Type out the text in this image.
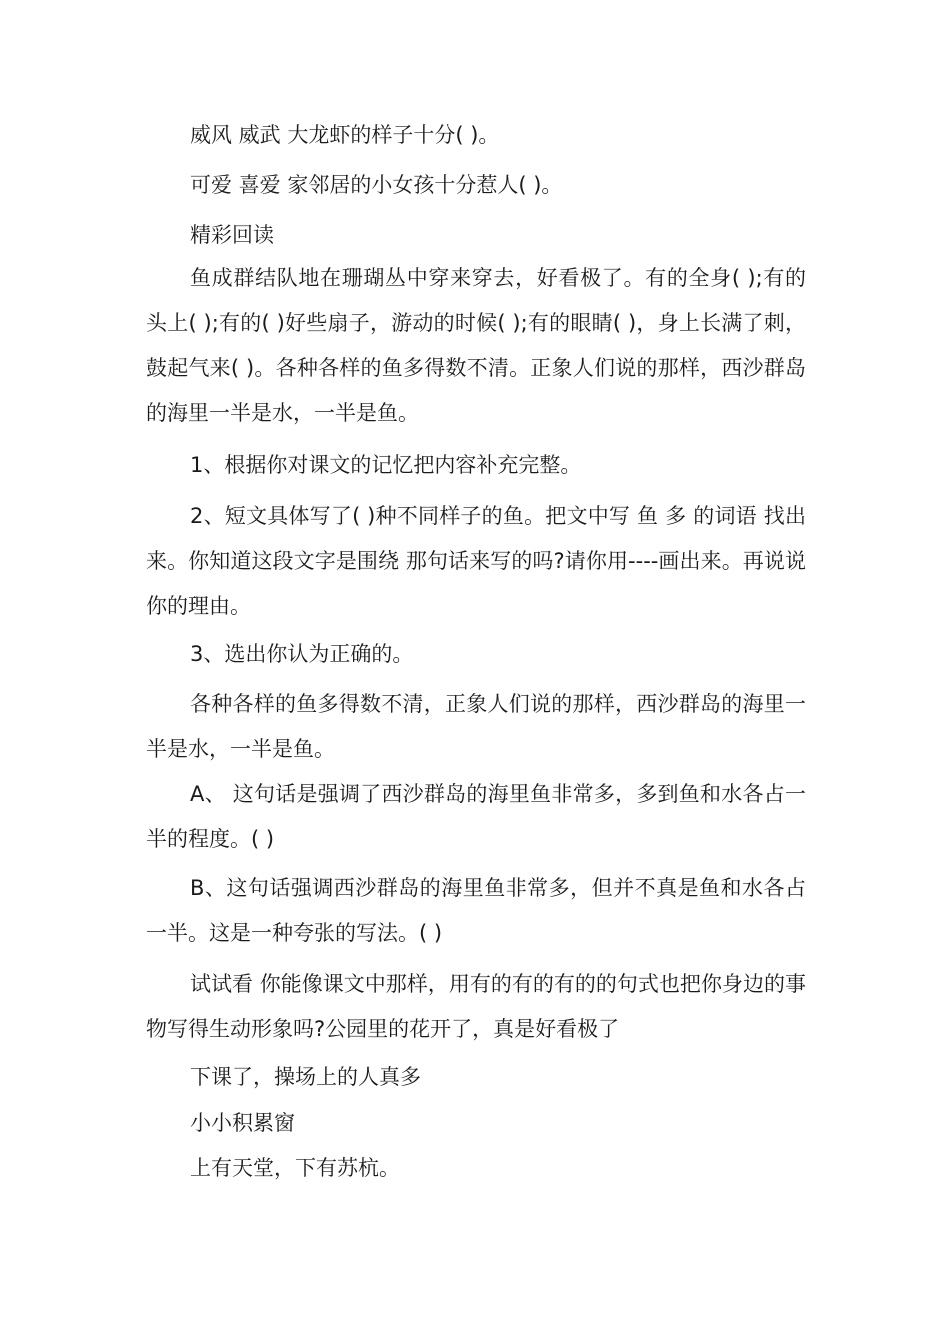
威风 威武 大龙虾的样子十分( )。

可爱 喜爱 家邻居的小女孩十分惹人( )。

精彩回读

鱼成群结队地在珊瑚丛中穿来穿去，好看极了。有的全身( );有的头上( );有的( )好些扇子，游动的时候( );有的眼睛( )，身上长满了刺，鼓起气来( )。各种各样的鱼多得数不清。正象人们说的那样，西沙群岛的海里一半是水，一半是鱼。

1、根据你对课文的记忆把内容补充完整。

2、短文具体写了( )种不同样子的鱼。把文中写 鱼 多 的词语 找出来。你知道这段文字是围绕 那句话来写的吗?请你用----画出来。再说说你的理由。

3、选出你认为正确的。

各种各样的鱼多得数不清，正象人们说的那样，西沙群岛的海里一半是水，一半是鱼。

A、 这句话是强调了西沙群岛的海里鱼非常多，多到鱼和水各占一半的程度。( )

B、这句话强调西沙群岛的海里鱼非常多，但并不真是鱼和水各占一半。这是一种夸张的写法。( )

试试看 你能像课文中那样，用有的有的有的的句式也把你身边的事物写得生动形象吗?公园里的花开了，真是好看极了

下课了，操场上的人真多

小小积累窗

上有天堂，下有苏杭。
